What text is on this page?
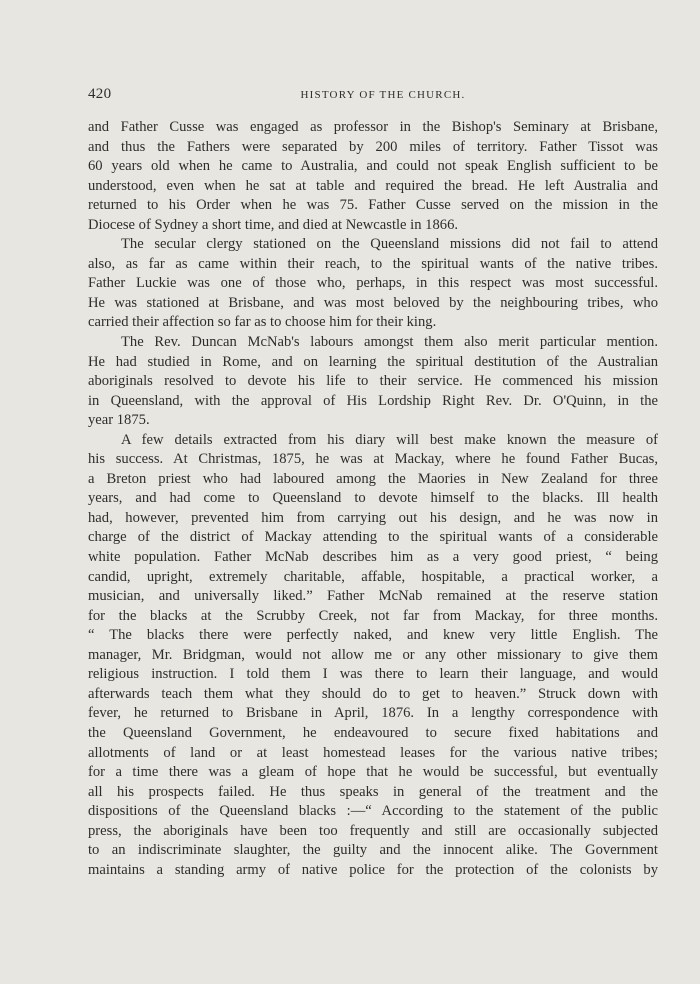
420	HISTORY OF THE CHURCH.
and Father Cusse was engaged as professor in the Bishop's Seminary at Brisbane,
and thus the Fathers were separated by 200 miles of territory. Father Tissot was
60 years old when he came to Australia, and could not speak English sufficient to be
understood, even when he sat at table and required the bread. He left Australia and
returned to his Order when he was 75. Father Cusse served on the mission in the
Diocese of Sydney a short time, and died at Newcastle in 1866.
The secular clergy stationed on the Queensland missions did not fail to attend
also, as far as came within their reach, to the spiritual wants of the native tribes.
Father Luckie was one of those who, perhaps, in this respect was most successful.
He was stationed at Brisbane, and was most beloved by the neighbouring tribes, who
carried their affection so far as to choose him for their king.
The Rev. Duncan McNab's labours amongst them also merit particular mention.
He had studied in Rome, and on learning the spiritual destitution of the Australian
aboriginals resolved to devote his life to their service. He commenced his mission
in Queensland, with the approval of His Lordship Right Rev. Dr. O'Quinn, in the
year 1875.
A few details extracted from his diary will best make known the measure of
his success. At Christmas, 1875, he was at Mackay, where he found Father Bucas,
a Breton priest who had laboured among the Maories in New Zealand for three
years, and had come to Queensland to devote himself to the blacks. Ill health
had, however, prevented him from carrying out his design, and he was now in
charge of the district of Mackay attending to the spiritual wants of a considerable
white population. Father McNab describes him as a very good priest, “ being
candid, upright, extremely charitable, affable, hospitable, a practical worker, a
musician, and universally liked.” Father McNab remained at the reserve station
for the blacks at the Scrubby Creek, not far from Mackay, for three months.
“ The blacks there were perfectly naked, and knew very little English. The
manager, Mr. Bridgman, would not allow me or any other missionary to give them
religious instruction. I told them I was there to learn their language, and would
afterwards teach them what they should do to get to heaven.” Struck down with
fever, he returned to Brisbane in April, 1876. In a lengthy correspondence with
the Queensland Government, he endeavoured to secure fixed habitations and
allotments of land or at least homestead leases for the various native tribes;
for a time there was a gleam of hope that he would be successful, but eventually
all his prospects failed. He thus speaks in general of the treatment and the
dispositions of the Queensland blacks :—“ According to the statement of the public
press, the aboriginals have been too frequently and still are occasionally subjected
to an indiscriminate slaughter, the guilty and the innocent alike. The Government
maintains a standing army of native police for the protection of the colonists by
